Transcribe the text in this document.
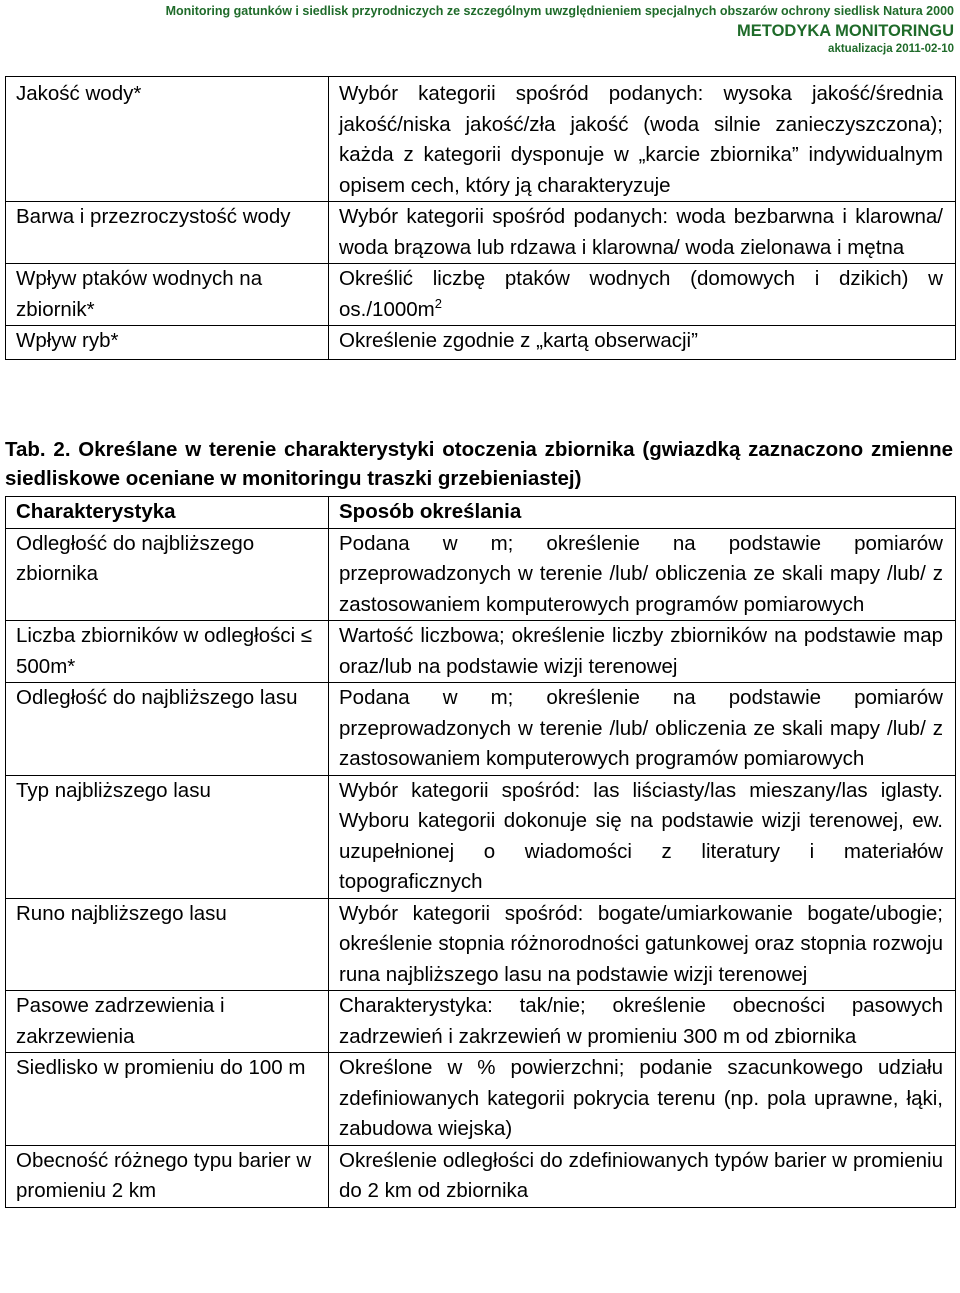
Monitoring gatunków i siedlisk przyrodniczych ze szczególnym uwzględnieniem specjalnych obszarów ochrony siedlisk Natura 2000
METODYKA MONITORINGU
aktualizacja 2011-02-10
Jakość wody*	Wybór kategorii spośród podanych: wysoka jakość/średnia jakość/niska jakość/zła jakość (woda silnie zanieczyszczona); każda z kategorii dysponuje w „karcie zbiornika” indywidualnym opisem cech, który ją charakteryzuje
Barwa i przezroczystość wody	Wybór kategorii spośród podanych: woda bezbarwna i klarowna/ woda brązowa lub rdzawa i klarowna/ woda zielonawa i mętna
Wpływ ptaków wodnych na zbiornik*	Określić liczbę ptaków wodnych (domowych i dzikich) w $os./1000m^2$
Wpływ ryb*	Określenie zgodnie z „kartą obserwacji”
Tab. 2. Określane w terenie charakterystyki otoczenia zbiornika (gwiazdką zaznaczono zmienne siedliskowe oceniane w monitoringu traszki grzebieniastej)
Charakterystyka	Sposób określania
Odległość do najbliższego zbiornika	Podana w m; określenie na podstawie pomiarów przeprowadzonych w terenie /lub/ obliczenia ze skali mapy /lub/ z zastosowaniem komputerowych programów pomiarowych
Liczba zbiorników w odległości ≤ 500m*	Wartość liczbowa; określenie liczby zbiorników na podstawie map oraz/lub na podstawie wizji terenowej
Odległość do najbliższego lasu	Podana w m; określenie na podstawie pomiarów przeprowadzonych w terenie /lub/ obliczenia ze skali mapy /lub/ z zastosowaniem komputerowych programów pomiarowych
Typ najbliższego lasu	Wybór kategorii spośród: las liściasty/las mieszany/las iglasty. Wyboru kategorii dokonuje się na podstawie wizji terenowej, ew. uzupełnionej o wiadomości z literatury i materiałów topograficznych
Runo najbliższego lasu	Wybór kategorii spośród: bogate/umiarkowanie bogate/ubogie; określenie stopnia różnorodności gatunkowej oraz stopnia rozwoju runa najbliższego lasu na podstawie wizji terenowej
Pasowe zadrzewienia i zakrzewienia	Charakterystyka: tak/nie; określenie obecności pasowych zadrzewień i zakrzewień w promieniu 300 m od zbiornika
Siedlisko w promieniu do 100 m	Określone w % powierzchni; podanie szacunkowego udziału zdefiniowanych kategorii pokrycia terenu (np. pola uprawne, łąki, zabudowa wiejska)
Obecność różnego typu barier w promieniu 2 km	Określenie odległości do zdefiniowanych typów barier w promieniu do 2 km od zbiornika
